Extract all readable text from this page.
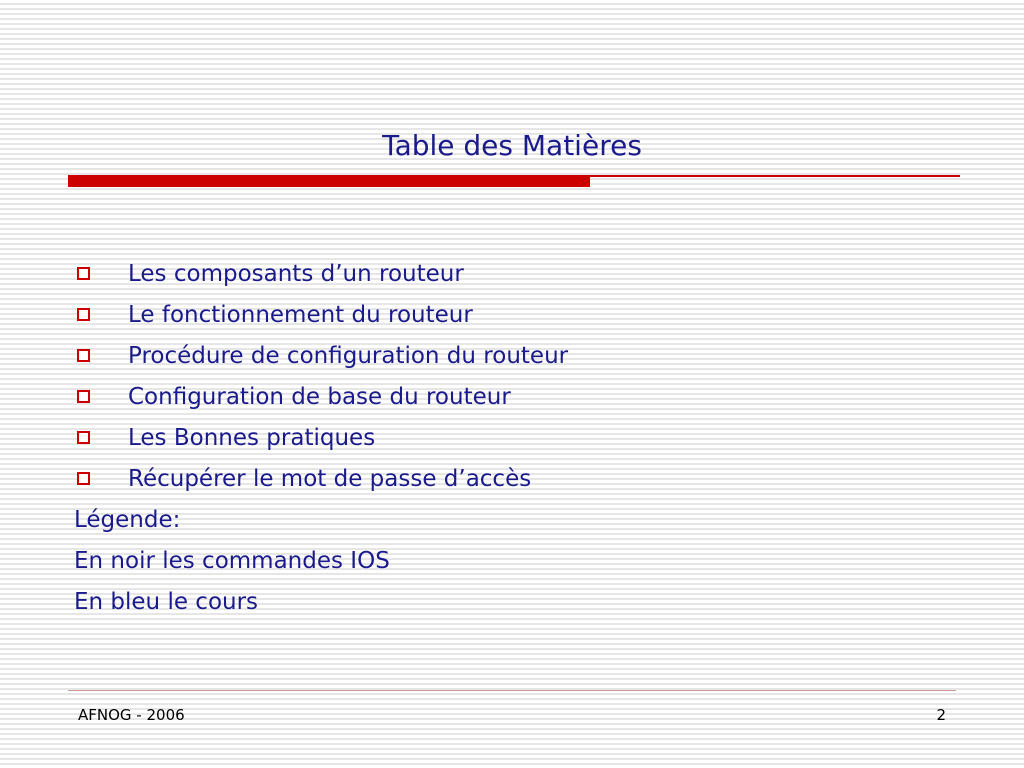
Table des Matières
Les composants d’un routeur
Le fonctionnement du routeur
Procédure de configuration du routeur
Configuration de base du routeur
Les Bonnes pratiques
Récupérer le mot de passe d’accès
Légende:
En noir les commandes IOS
En bleu le cours
AFNOG - 2006	2
